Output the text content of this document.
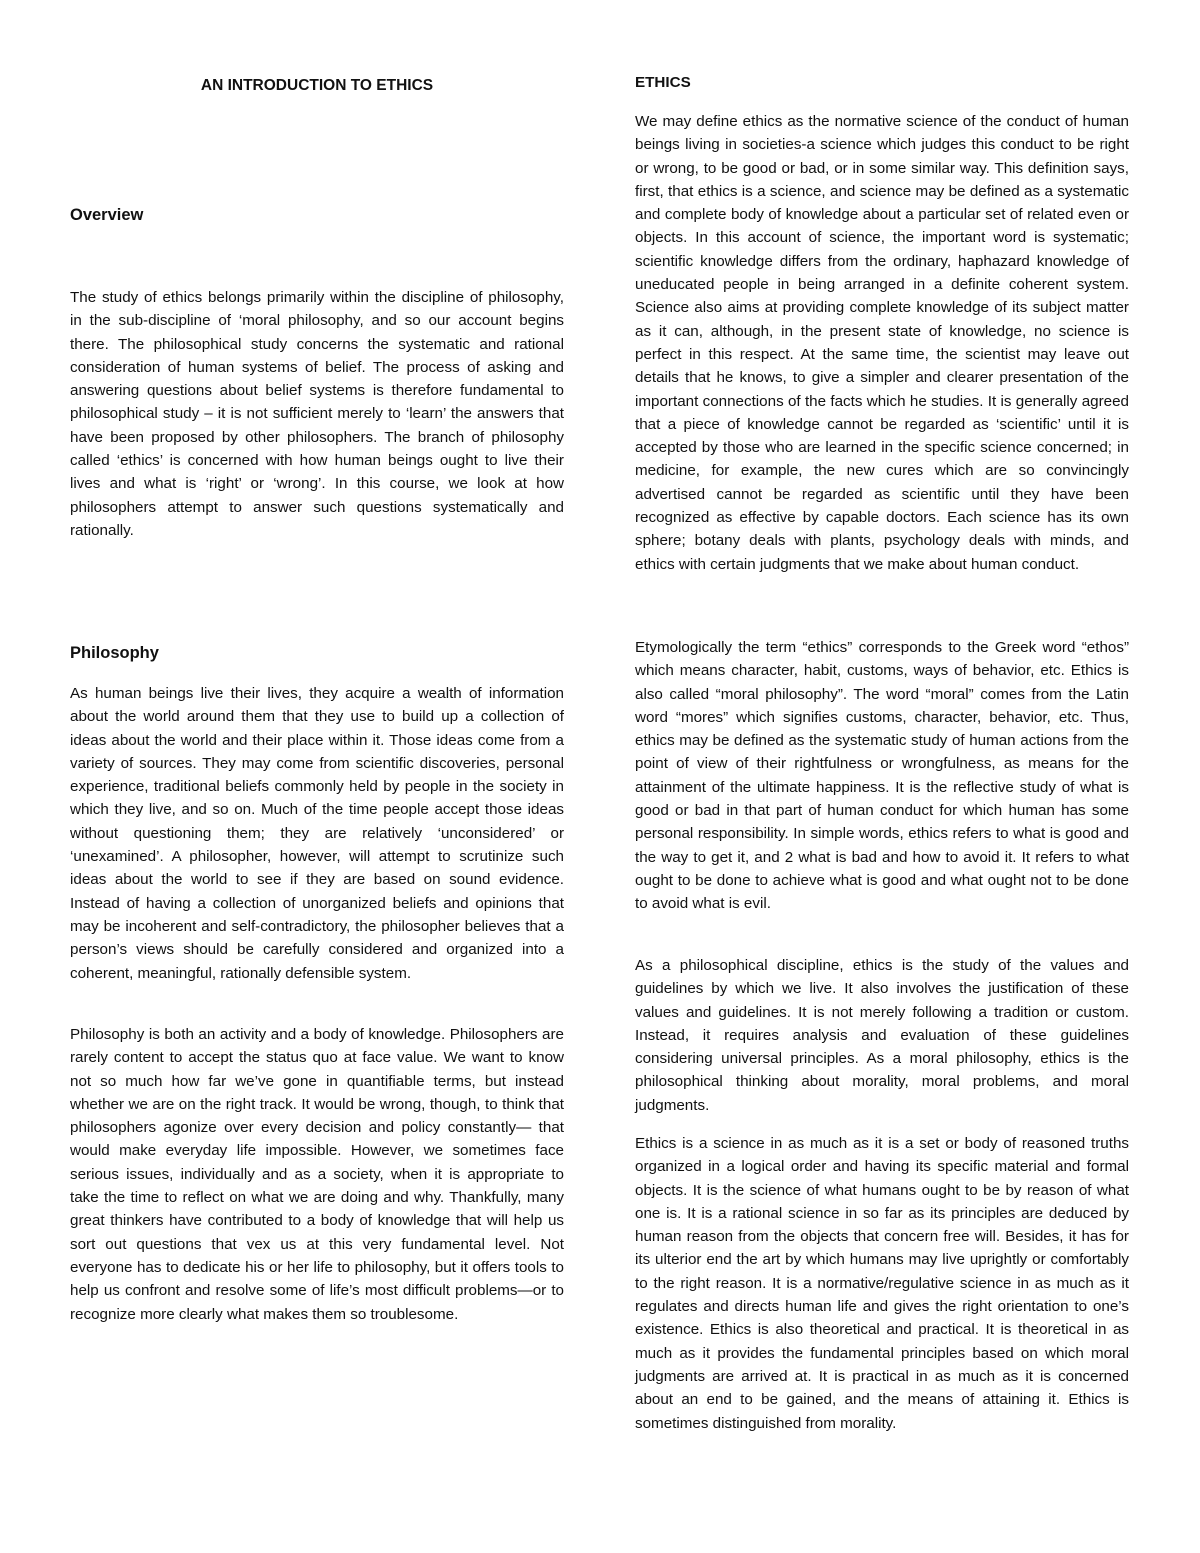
AN INTRODUCTION TO ETHICS
Overview

The study of ethics belongs primarily within the discipline of philosophy, in the sub-discipline of ‘moral philosophy, and so our account begins there. The philosophical study concerns the systematic and rational consideration of human systems of belief. The process of asking and answering questions about belief systems is therefore fundamental to philosophical study – it is not sufficient merely to ‘learn’ the answers that have been proposed by other philosophers. The branch of philosophy called ‘ethics’ is concerned with how human beings ought to live their lives and what is ‘right’ or ‘wrong’. In this course, we look at how philosophers attempt to answer such questions systematically and rationally.

Philosophy

As human beings live their lives, they acquire a wealth of information about the world around them that they use to build up a collection of ideas about the world and their place within it. Those ideas come from a variety of sources. They may come from scientific discoveries, personal experience, traditional beliefs commonly held by people in the society in which they live, and so on. Much of the time people accept those ideas without questioning them; they are relatively ‘unconsidered’ or ‘unexamined’. A philosopher, however, will attempt to scrutinize such ideas about the world to see if they are based on sound evidence. Instead of having a collection of unorganized beliefs and opinions that may be incoherent and self-contradictory, the philosopher believes that a person’s views should be carefully considered and organized into a coherent, meaningful, rationally defensible system.

Philosophy is both an activity and a body of knowledge. Philosophers are rarely content to accept the status quo at face value. We want to know not so much how far we’ve gone in quantifiable terms, but instead whether we are on the right track. It would be wrong, though, to think that philosophers agonize over every decision and policy constantly— that would make everyday life impossible. However, we sometimes face serious issues, individually and as a society, when it is appropriate to take the time to reflect on what we are doing and why. Thankfully, many great thinkers have contributed to a body of knowledge that will help us sort out questions that vex us at this very fundamental level. Not everyone has to dedicate his or her life to philosophy, but it offers tools to help us confront and resolve some of life’s most difficult problems—or to recognize more clearly what makes them so troublesome.

ETHICS

We may define ethics as the normative science of the conduct of human beings living in societies-a science which judges this conduct to be right or wrong, to be good or bad, or in some similar way. This definition says, first, that ethics is a science, and science may be defined as a systematic and complete body of knowledge about a particular set of related even or objects. In this account of science, the important word is systematic; scientific knowledge differs from the ordinary, haphazard knowledge of uneducated people in being arranged in a definite coherent system. Science also aims at providing complete knowledge of its subject matter as it can, although, in the present state of knowledge, no science is perfect in this respect. At the same time, the scientist may leave out details that he knows, to give a simpler and clearer presentation of the important connections of the facts which he studies. It is generally agreed that a piece of knowledge cannot be regarded as ‘scientific’ until it is accepted by those who are learned in the specific science concerned; in medicine, for example, the new cures which are so convincingly advertised cannot be regarded as scientific until they have been recognized as effective by capable doctors. Each science has its own sphere; botany deals with plants, psychology deals with minds, and ethics with certain judgments that we make about human conduct.

Etymologically the term “ethics” corresponds to the Greek word “ethos” which means character, habit, customs, ways of behavior, etc. Ethics is also called “moral philosophy”. The word “moral” comes from the Latin word “mores” which signifies customs, character, behavior, etc. Thus, ethics may be defined as the systematic study of human actions from the point of view of their rightfulness or wrongfulness, as means for the attainment of the ultimate happiness. It is the reflective study of what is good or bad in that part of human conduct for which human has some personal responsibility. In simple words, ethics refers to what is good and the way to get it, and 2 what is bad and how to avoid it. It refers to what ought to be done to achieve what is good and what ought not to be done to avoid what is evil.

As a philosophical discipline, ethics is the study of the values and guidelines by which we live. It also involves the justification of these values and guidelines. It is not merely following a tradition or custom. Instead, it requires analysis and evaluation of these guidelines considering universal principles. As a moral philosophy, ethics is the philosophical thinking about morality, moral problems, and moral judgments.

Ethics is a science in as much as it is a set or body of reasoned truths organized in a logical order and having its specific material and formal objects. It is the science of what humans ought to be by reason of what one is. It is a rational science in so far as its principles are deduced by human reason from the objects that concern free will. Besides, it has for its ulterior end the art by which humans may live uprightly or comfortably to the right reason. It is a normative/regulative science in as much as it regulates and directs human life and gives the right orientation to one’s existence. Ethics is also theoretical and practical. It is theoretical in as much as it provides the fundamental principles based on which moral judgments are arrived at. It is practical in as much as it is concerned about an end to be gained, and the means of attaining it. Ethics is sometimes distinguished from morality.
